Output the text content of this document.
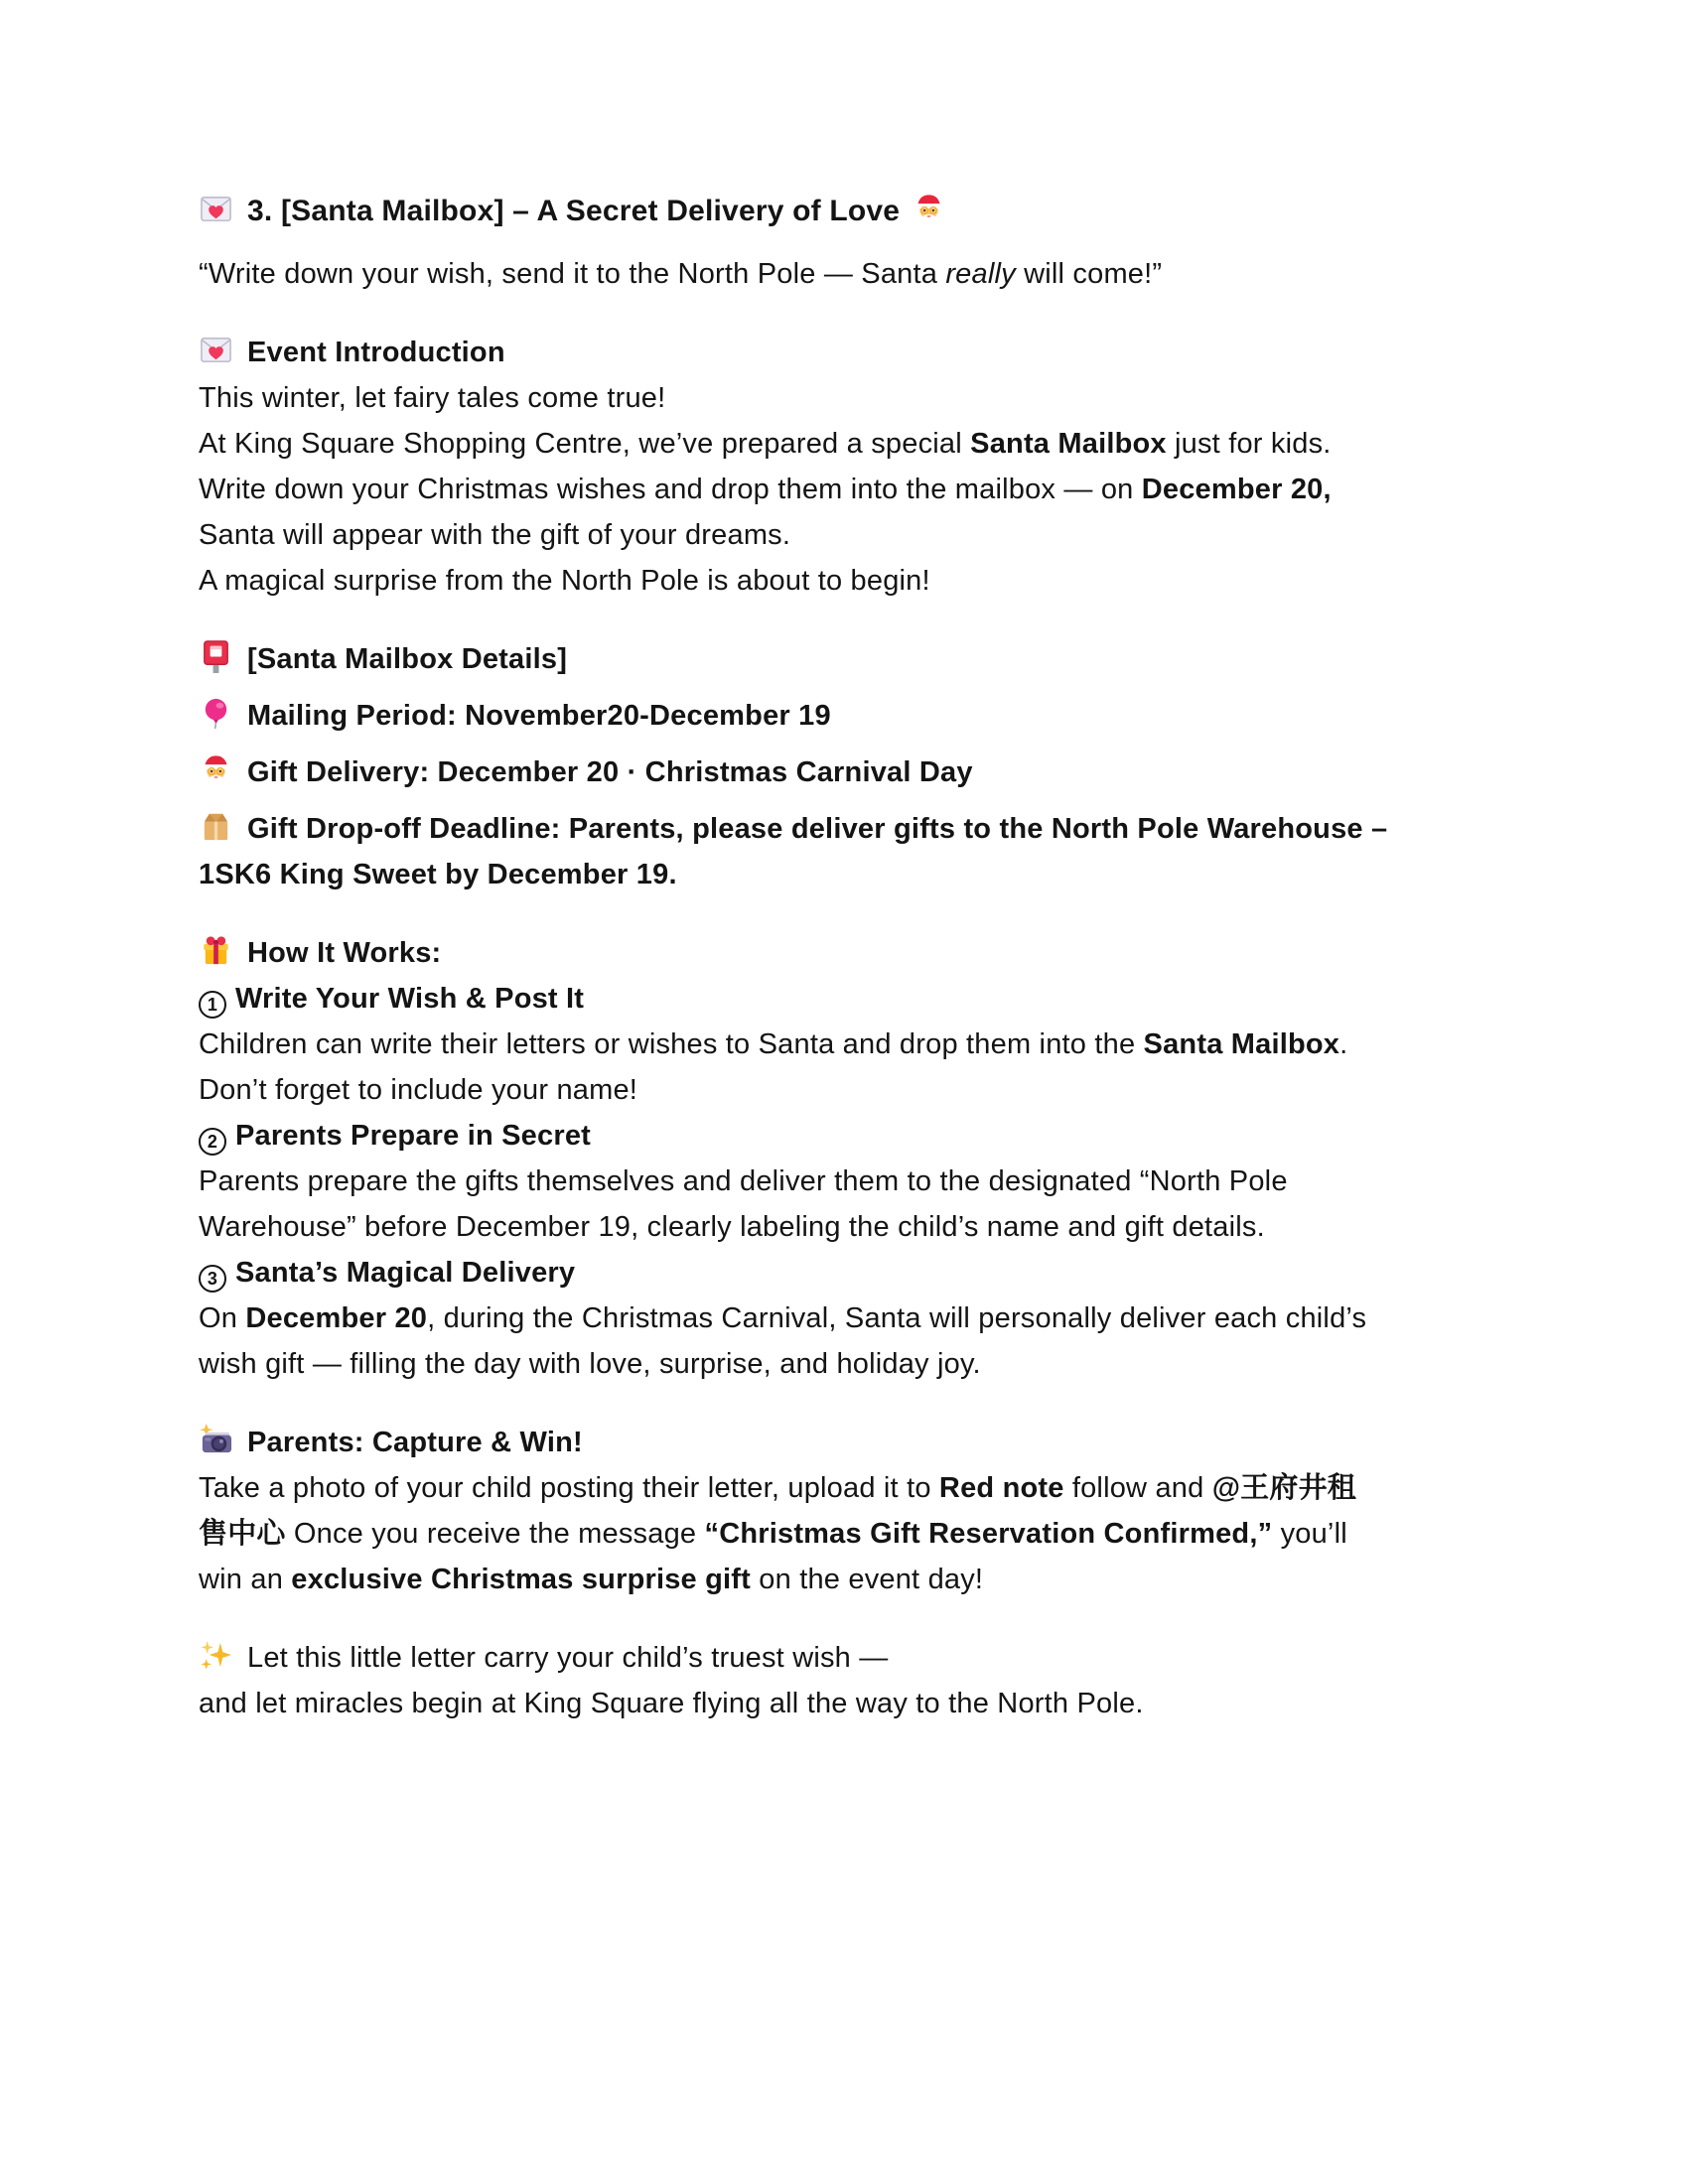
3. [Santa Mailbox] – A Secret Delivery of Love
“Write down your wish, send it to the North Pole — Santa really will come!”
Event Introduction
This winter, let fairy tales come true!
At King Square Shopping Centre, we’ve prepared a special Santa Mailbox just for kids.
Write down your Christmas wishes and drop them into the mailbox — on December 20,
Santa will appear with the gift of your dreams.
A magical surprise from the North Pole is about to begin!
[Santa Mailbox Details]
Mailing Period: November20-December 19
Gift Delivery: December 20 · Christmas Carnival Day
Gift Drop-off Deadline: Parents, please deliver gifts to the North Pole Warehouse –
1SK6 King Sweet by December 19.
How It Works:
1 Write Your Wish & Post It
Children can write their letters or wishes to Santa and drop them into the Santa Mailbox.
Don’t forget to include your name!
2 Parents Prepare in Secret
Parents prepare the gifts themselves and deliver them to the designated “North Pole
Warehouse” before December 19, clearly labeling the child’s name and gift details.
3 Santa’s Magical Delivery
On December 20, during the Christmas Carnival, Santa will personally deliver each child’s
wish gift — filling the day with love, surprise, and holiday joy.
Parents: Capture & Win!
Take a photo of your child posting their letter, upload it to Red note follow and @王府井租
售中心 Once you receive the message “Christmas Gift Reservation Confirmed,” you’ll
win an exclusive Christmas surprise gift on the event day!
Let this little letter carry your child’s truest wish —
and let miracles begin at King Square flying all the way to the North Pole.
